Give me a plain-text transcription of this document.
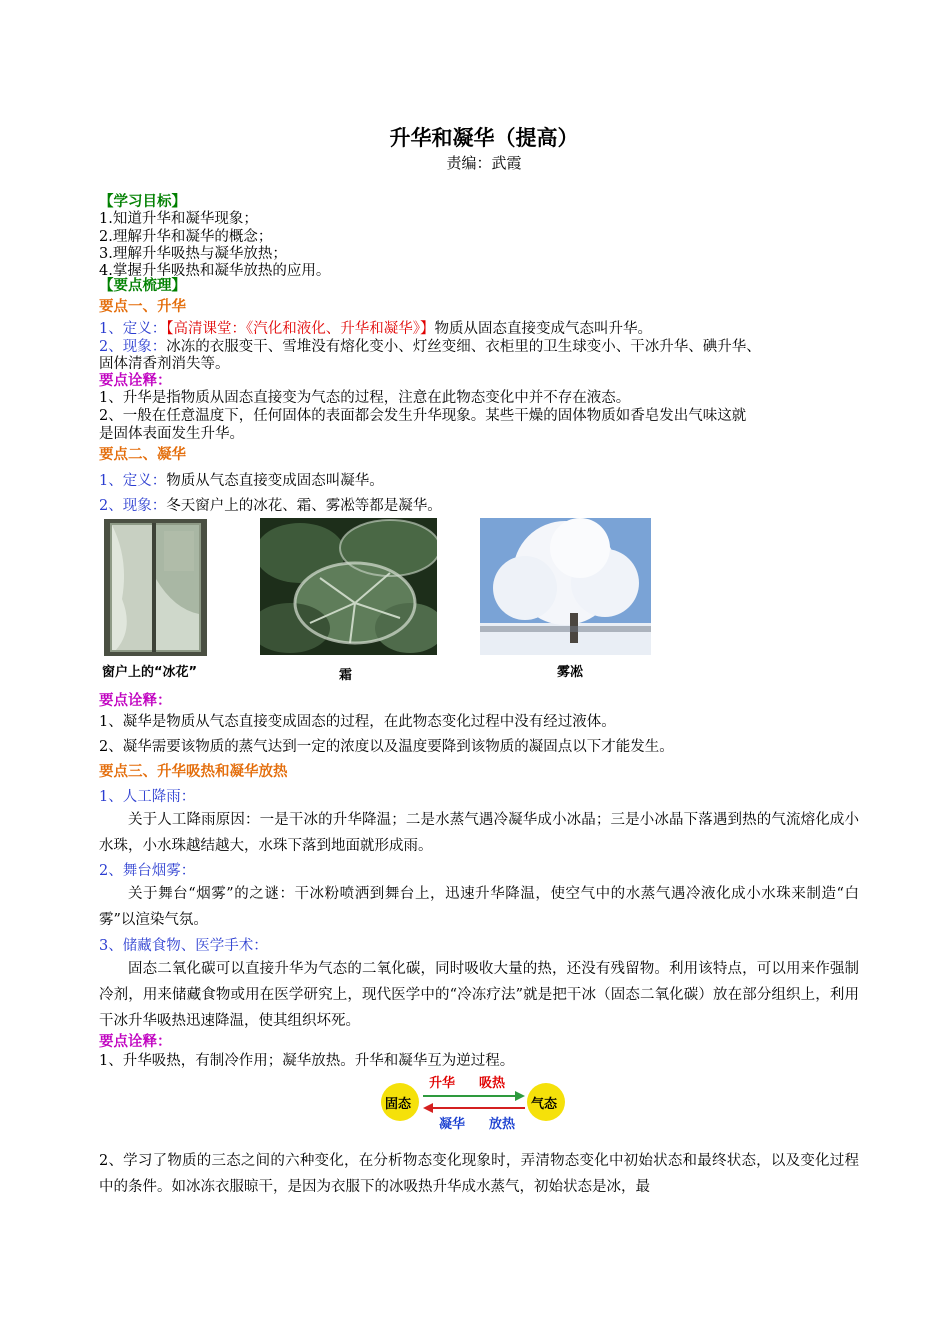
升华和凝华（提高）
责编：武霞
【学习目标】
1.知道升华和凝华现象；
2.理解升华和凝华的概念；
3.理解升华吸热与凝华放热；
4.掌握升华吸热和凝华放热的应用。
【要点梳理】
要点一、升华
1、定义：【高清课堂：《汽化和液化、升华和凝华》】物质从固态直接变成气态叫升华。
2、现象：冰冻的衣服变干、雪堆没有熔化变小、灯丝变细、衣柜里的卫生球变小、干冰升华、碘升华、
固体清香剂消失等。
要点诠释：
1、升华是指物质从固态直接变为气态的过程，注意在此物态变化中并不存在液态。
2、一般在任意温度下，任何固体的表面都会发生升华现象。某些干燥的固体物质如香皂发出气味这就
是固体表面发生升华。
要点二、凝华
1、定义：物质从气态直接变成固态叫凝华。
2、现象：冬天窗户上的冰花、霜、雾凇等都是凝华。
窗户上的“冰花”	霜	雾凇
要点诠释：
1、凝华是物质从气态直接变成固态的过程，在此物态变化过程中没有经过液体。
2、凝华需要该物质的蒸气达到一定的浓度以及温度要降到该物质的凝固点以下才能发生。
要点三、升华吸热和凝华放热
1、人工降雨：
关于人工降雨原因：一是干冰的升华降温；二是水蒸气遇冷凝华成小冰晶；三是小冰晶下落遇到热的气流熔化成小水珠，小水珠越结越大，水珠下落到地面就形成雨。
2、舞台烟雾：
关于舞台“烟雾”的之谜：干冰粉喷洒到舞台上，迅速升华降温，使空气中的水蒸气遇冷液化成小水珠来制造“白雾”以渲染气氛。
3、储藏食物、医学手术：
固态二氧化碳可以直接升华为气态的二氧化碳，同时吸收大量的热，还没有残留物。利用该特点，可以用来作强制冷剂，用来储藏食物或用在医学研究上，现代医学中的“冷冻疗法”就是把干冰（固态二氧化碳）放在部分组织上，利用干冰升华吸热迅速降温，使其组织坏死。
要点诠释：
1、升华吸热，有制冷作用；凝华放热。升华和凝华互为逆过程。
固态	气态
升华 吸热
凝华 放热
2、学习了物质的三态之间的六种变化，在分析物态变化现象时，弄清物态变化中初始状态和最终状态，以及变化过程中的条件。如冰冻衣服晾干，是因为衣服下的冰吸热升华成水蒸气，初始状态是冰，最
